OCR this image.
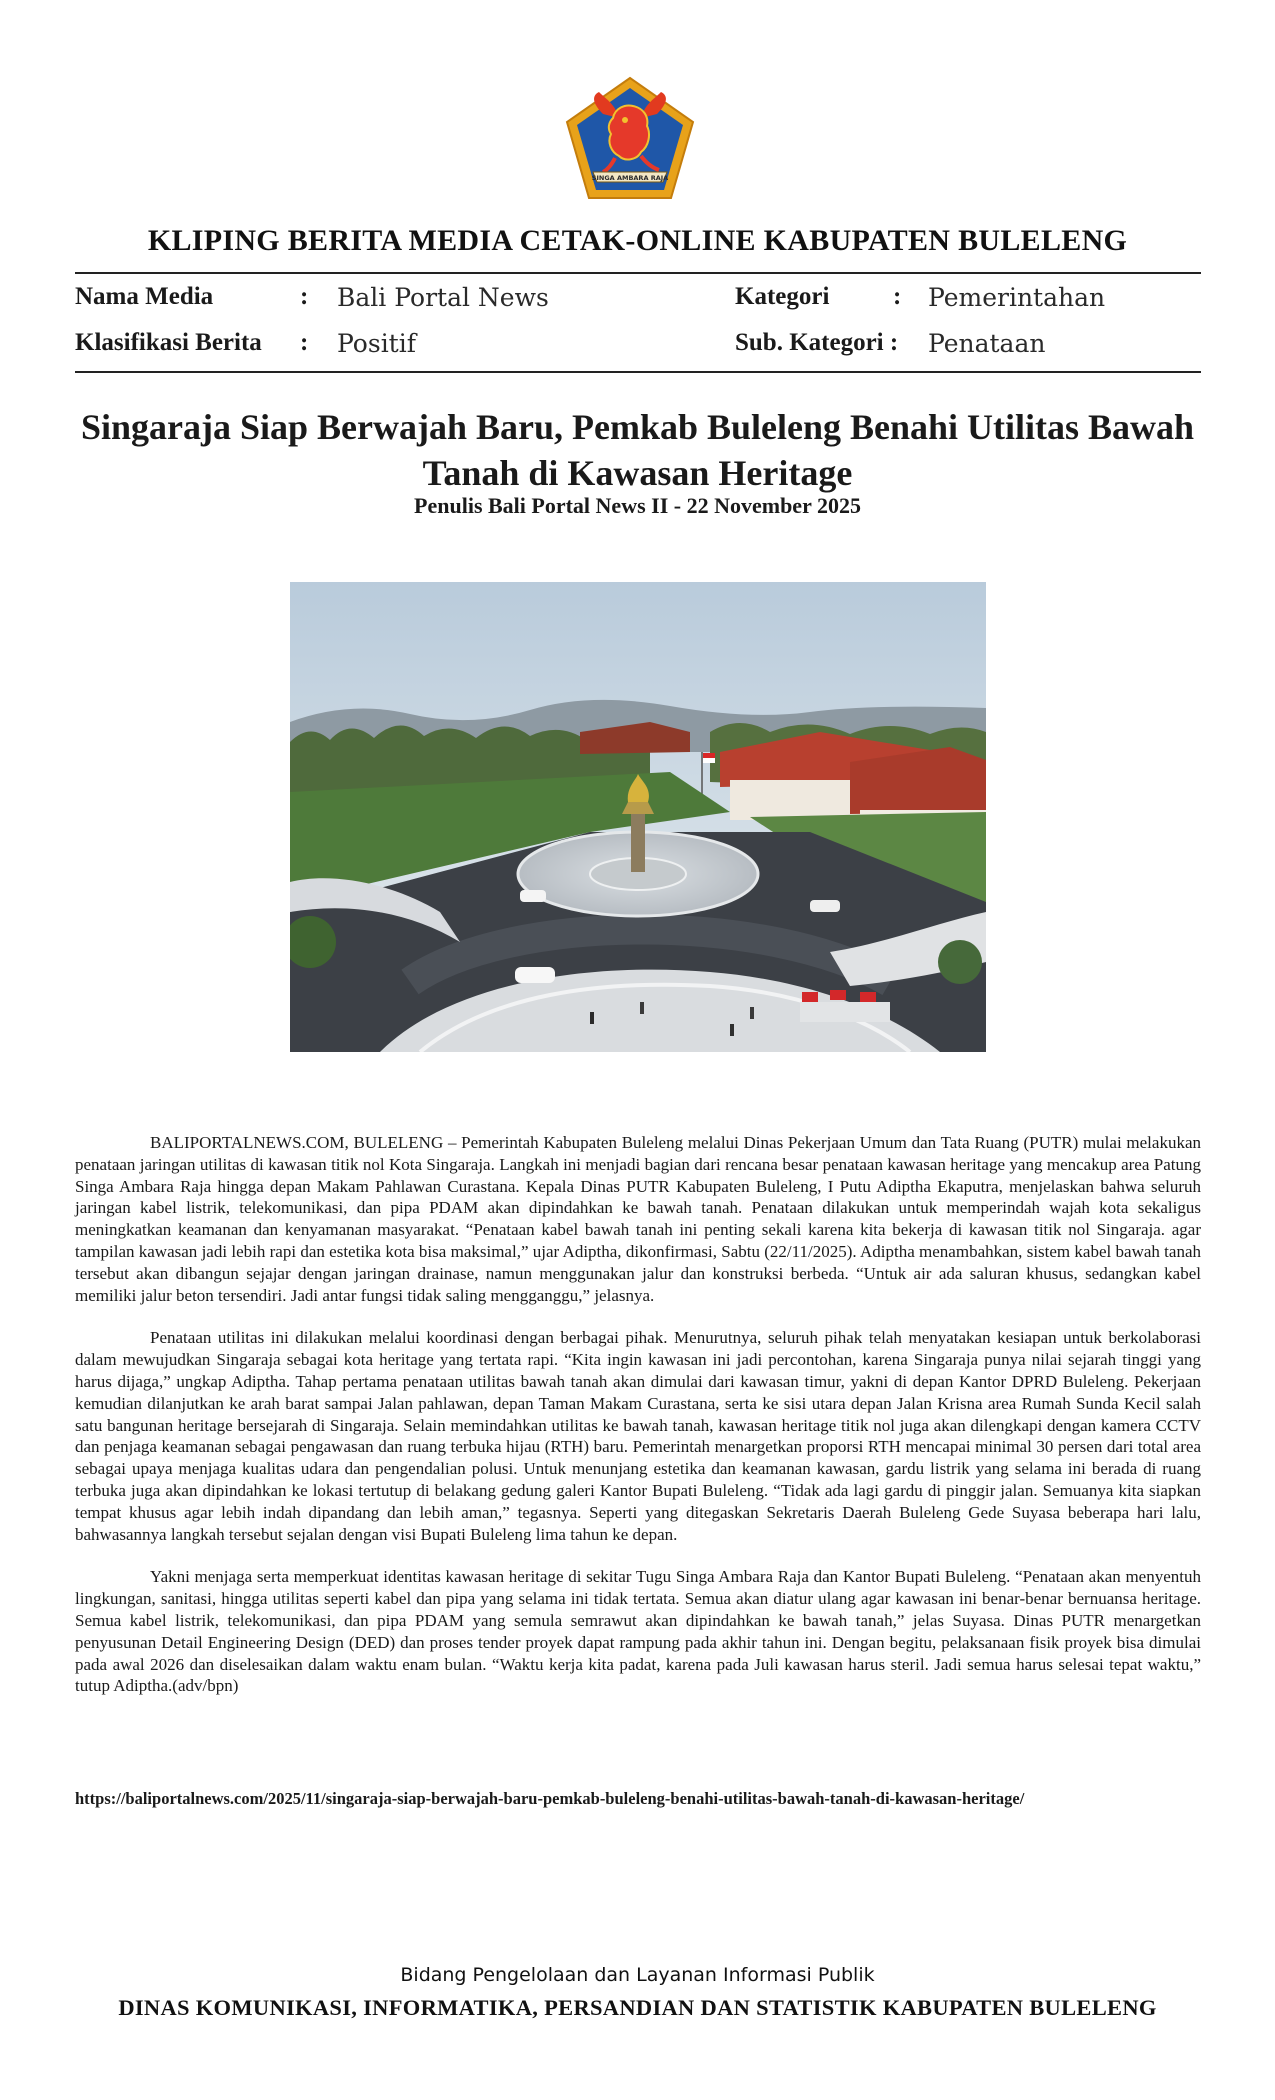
SINGA AMBARA RAJA
KLIPING BERITA MEDIA CETAK-ONLINE KABUPATEN BULELENG
Nama Media	: Bali Portal News	Kategori	: Pemerintahan
Klasifikasi Berita : Positif	Sub. Kategori : Penataan
Singaraja Siap Berwajah Baru, Pemkab Buleleng Benahi Utilitas Bawah Tanah di Kawasan Heritage
Penulis Bali Portal News II - 22 November 2025

BALIPORTALNEWS.COM, BULELENG – Pemerintah Kabupaten Buleleng melalui Dinas Pekerjaan Umum dan Tata Ruang (PUTR) mulai melakukan penataan jaringan utilitas di kawasan titik nol Kota Singaraja. Langkah ini menjadi bagian dari rencana besar penataan kawasan heritage yang mencakup area Patung Singa Ambara Raja hingga depan Makam Pahlawan Curastana. Kepala Dinas PUTR Kabupaten Buleleng, I Putu Adiptha Ekaputra, menjelaskan bahwa seluruh jaringan kabel listrik, telekomunikasi, dan pipa PDAM akan dipindahkan ke bawah tanah. Penataan dilakukan untuk memperindah wajah kota sekaligus meningkatkan keamanan dan kenyamanan masyarakat. “Penataan kabel bawah tanah ini penting sekali karena kita bekerja di kawasan titik nol Singaraja. agar tampilan kawasan jadi lebih rapi dan estetika kota bisa maksimal,” ujar Adiptha, dikonfirmasi, Sabtu (22/11/2025). Adiptha menambahkan, sistem kabel bawah tanah tersebut akan dibangun sejajar dengan jaringan drainase, namun menggunakan jalur dan konstruksi berbeda. “Untuk air ada saluran khusus, sedangkan kabel memiliki jalur beton tersendiri. Jadi antar fungsi tidak saling mengganggu,” jelasnya.

Penataan utilitas ini dilakukan melalui koordinasi dengan berbagai pihak. Menurutnya, seluruh pihak telah menyatakan kesiapan untuk berkolaborasi dalam mewujudkan Singaraja sebagai kota heritage yang tertata rapi. “Kita ingin kawasan ini jadi percontohan, karena Singaraja punya nilai sejarah tinggi yang harus dijaga,” ungkap Adiptha. Tahap pertama penataan utilitas bawah tanah akan dimulai dari kawasan timur, yakni di depan Kantor DPRD Buleleng. Pekerjaan kemudian dilanjutkan ke arah barat sampai Jalan pahlawan, depan Taman Makam Curastana, serta ke sisi utara depan Jalan Krisna area Rumah Sunda Kecil salah satu bangunan heritage bersejarah di Singaraja. Selain memindahkan utilitas ke bawah tanah, kawasan heritage titik nol juga akan dilengkapi dengan kamera CCTV dan penjaga keamanan sebagai pengawasan dan ruang terbuka hijau (RTH) baru. Pemerintah menargetkan proporsi RTH mencapai minimal 30 persen dari total area sebagai upaya menjaga kualitas udara dan pengendalian polusi. Untuk menunjang estetika dan keamanan kawasan, gardu listrik yang selama ini berada di ruang terbuka juga akan dipindahkan ke lokasi tertutup di belakang gedung galeri Kantor Bupati Buleleng. “Tidak ada lagi gardu di pinggir jalan. Semuanya kita siapkan tempat khusus agar lebih indah dipandang dan lebih aman,” tegasnya. Seperti yang ditegaskan Sekretaris Daerah Buleleng Gede Suyasa beberapa hari lalu, bahwasannya langkah tersebut sejalan dengan visi Bupati Buleleng lima tahun ke depan.

Yakni menjaga serta memperkuat identitas kawasan heritage di sekitar Tugu Singa Ambara Raja dan Kantor Bupati Buleleng. “Penataan akan menyentuh lingkungan, sanitasi, hingga utilitas seperti kabel dan pipa yang selama ini tidak tertata. Semua akan diatur ulang agar kawasan ini benar-benar bernuansa heritage. Semua kabel listrik, telekomunikasi, dan pipa PDAM yang semula semrawut akan dipindahkan ke bawah tanah,” jelas Suyasa. Dinas PUTR menargetkan penyusunan Detail Engineering Design (DED) dan proses tender proyek dapat rampung pada akhir tahun ini. Dengan begitu, pelaksanaan fisik proyek bisa dimulai pada awal 2026 dan diselesaikan dalam waktu enam bulan. “Waktu kerja kita padat, karena pada Juli kawasan harus steril. Jadi semua harus selesai tepat waktu,” tutup Adiptha.(adv/bpn)

https://baliportalnews.com/2025/11/singaraja-siap-berwajah-baru-pemkab-buleleng-benahi-utilitas-bawah-tanah-di-kawasan-heritage/
Bidang Pengelolaan dan Layanan Informasi Publik
DINAS KOMUNIKASI, INFORMATIKA, PERSANDIAN DAN STATISTIK KABUPATEN BULELENG
